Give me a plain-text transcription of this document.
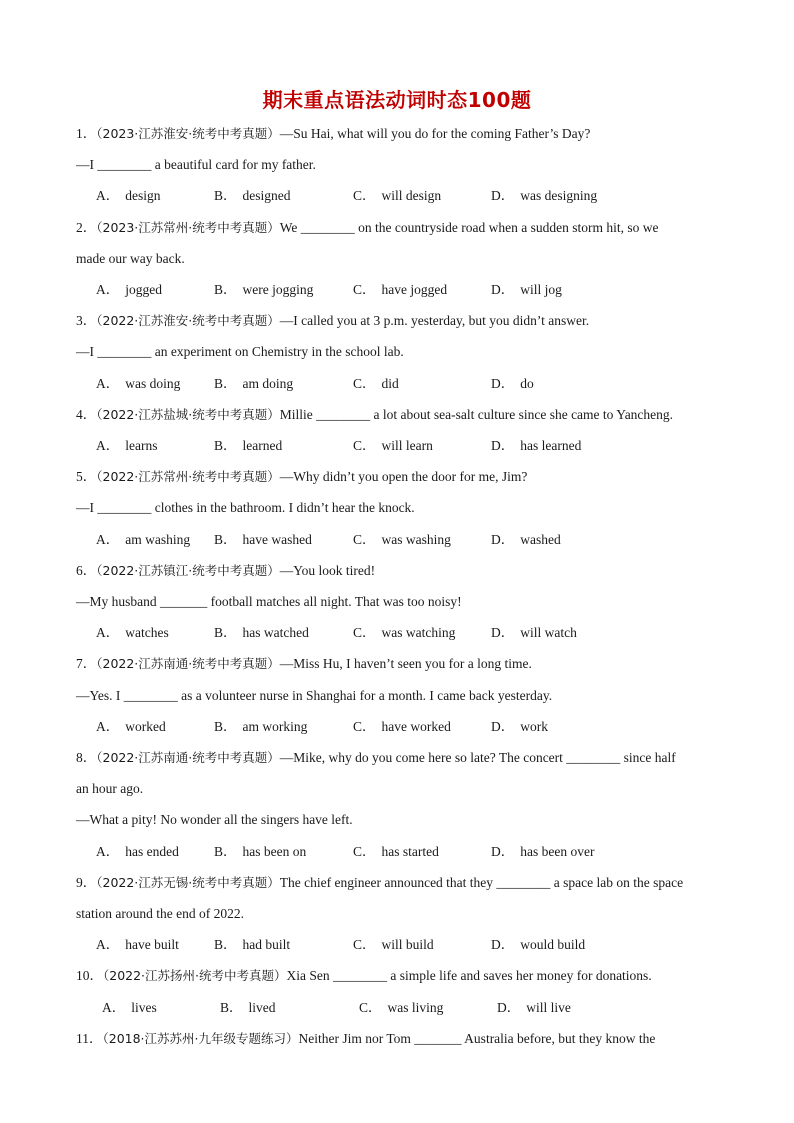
期末重点语法动词时态100题
1．（2023·江苏淮安·统考中考真题）—Su Hai, what will you do for the coming Father’s Day?
—I ________ a beautiful card for my father.
A． design	B． designed	C． will design	D． was designing
2．（2023·江苏常州·统考中考真题）We ________ on the countryside road when a sudden storm hit, so we
made our way back.
A． jogged	B． were jogging	C． have jogged	D． will jog
3．（2022·江苏淮安·统考中考真题）—I called you at 3 p.m. yesterday, but you didn’t answer.
—I ________ an experiment on Chemistry in the school lab.
A． was doing B． am doing	C． did	D． do
4．（2022·江苏盐城·统考中考真题）Millie ________ a lot about sea-salt culture since she came to Yancheng.
A． learns	B． learned	C． will learn	D． has learned
5．（2022·江苏常州·统考中考真题）—Why didn’t you open the door for me, Jim?
—I ________ clothes in the bathroom. I didn’t hear the knock.
A． am washing B． have washed	C． was washing	D． washed
6．（2022·江苏镇江·统考中考真题）—You look tired!
—My husband _______ football matches all night. That was too noisy!
A． watches	B． has watched	C． was watching	D． will watch
7．（2022·江苏南通·统考中考真题）—Miss Hu, I haven’t seen you for a long time.
—Yes. I ________ as a volunteer nurse in Shanghai for a month. I came back yesterday.
A． worked	B． am working	C． have worked	D． work
8．（2022·江苏南通·统考中考真题）—Mike, why do you come here so late? The concert ________ since half
an hour ago.
—What a pity! No wonder all the singers have left.
A． has ended	B． has been on	C． has started	D． has been over
9．（2022·江苏无锡·统考中考真题）The chief engineer announced that they ________ a space lab on the space
station around the end of 2022.
A． have built	B． had built	C． will build	D． would build
10．（2022·江苏扬州·统考中考真题）Xia Sen ________ a simple life and saves her money for donations.
A． lives	B． lived	C． was living	D． will live
11．（2018·江苏苏州·九年级专题练习）Neither Jim nor Tom _______ Australia before, but they know the
